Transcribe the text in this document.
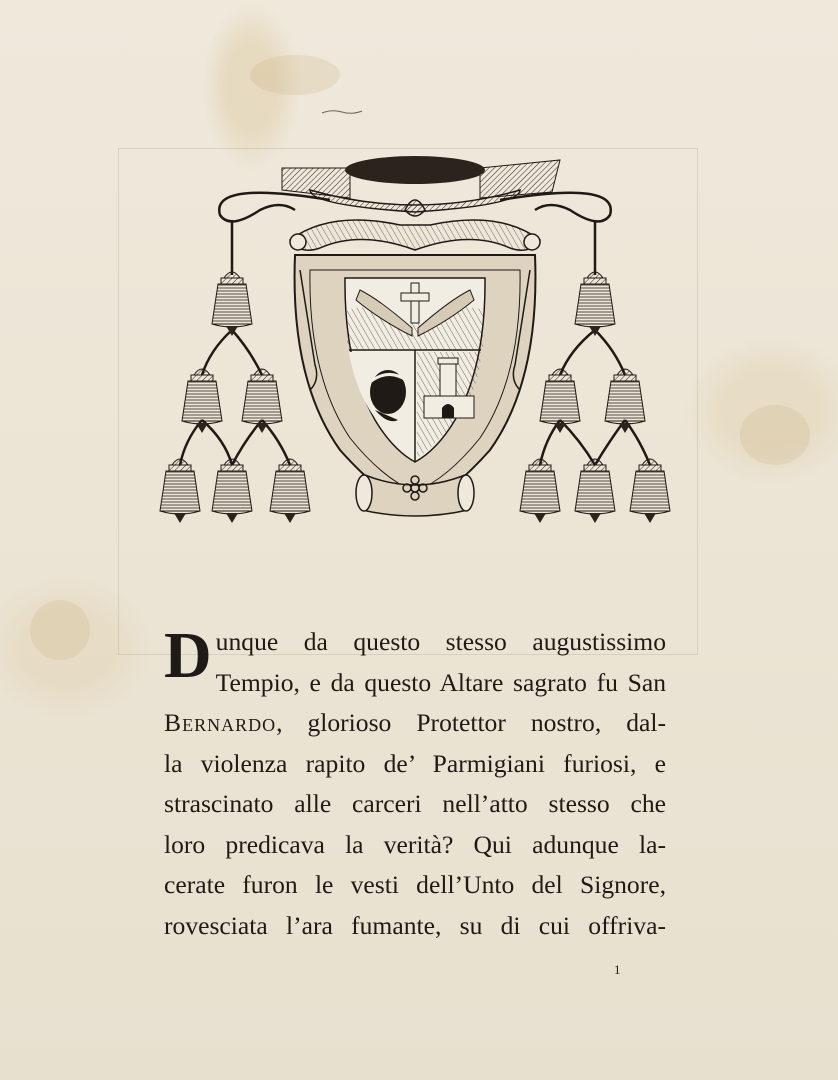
D unque da questo stesso augustissimo
Tempio, e da questo Altare sagrato fu San
Bernardo, glorioso Protettor nostro, dal-
la violenza rapito de’ Parmigiani furiosi, e
strascinato alle carceri nell’atto stesso che
loro predicava la verità? Qui adunque la-
cerate furon le vesti dell’Unto del Signore,
rovesciata l’ara fumante, su di cui offriva-
1
